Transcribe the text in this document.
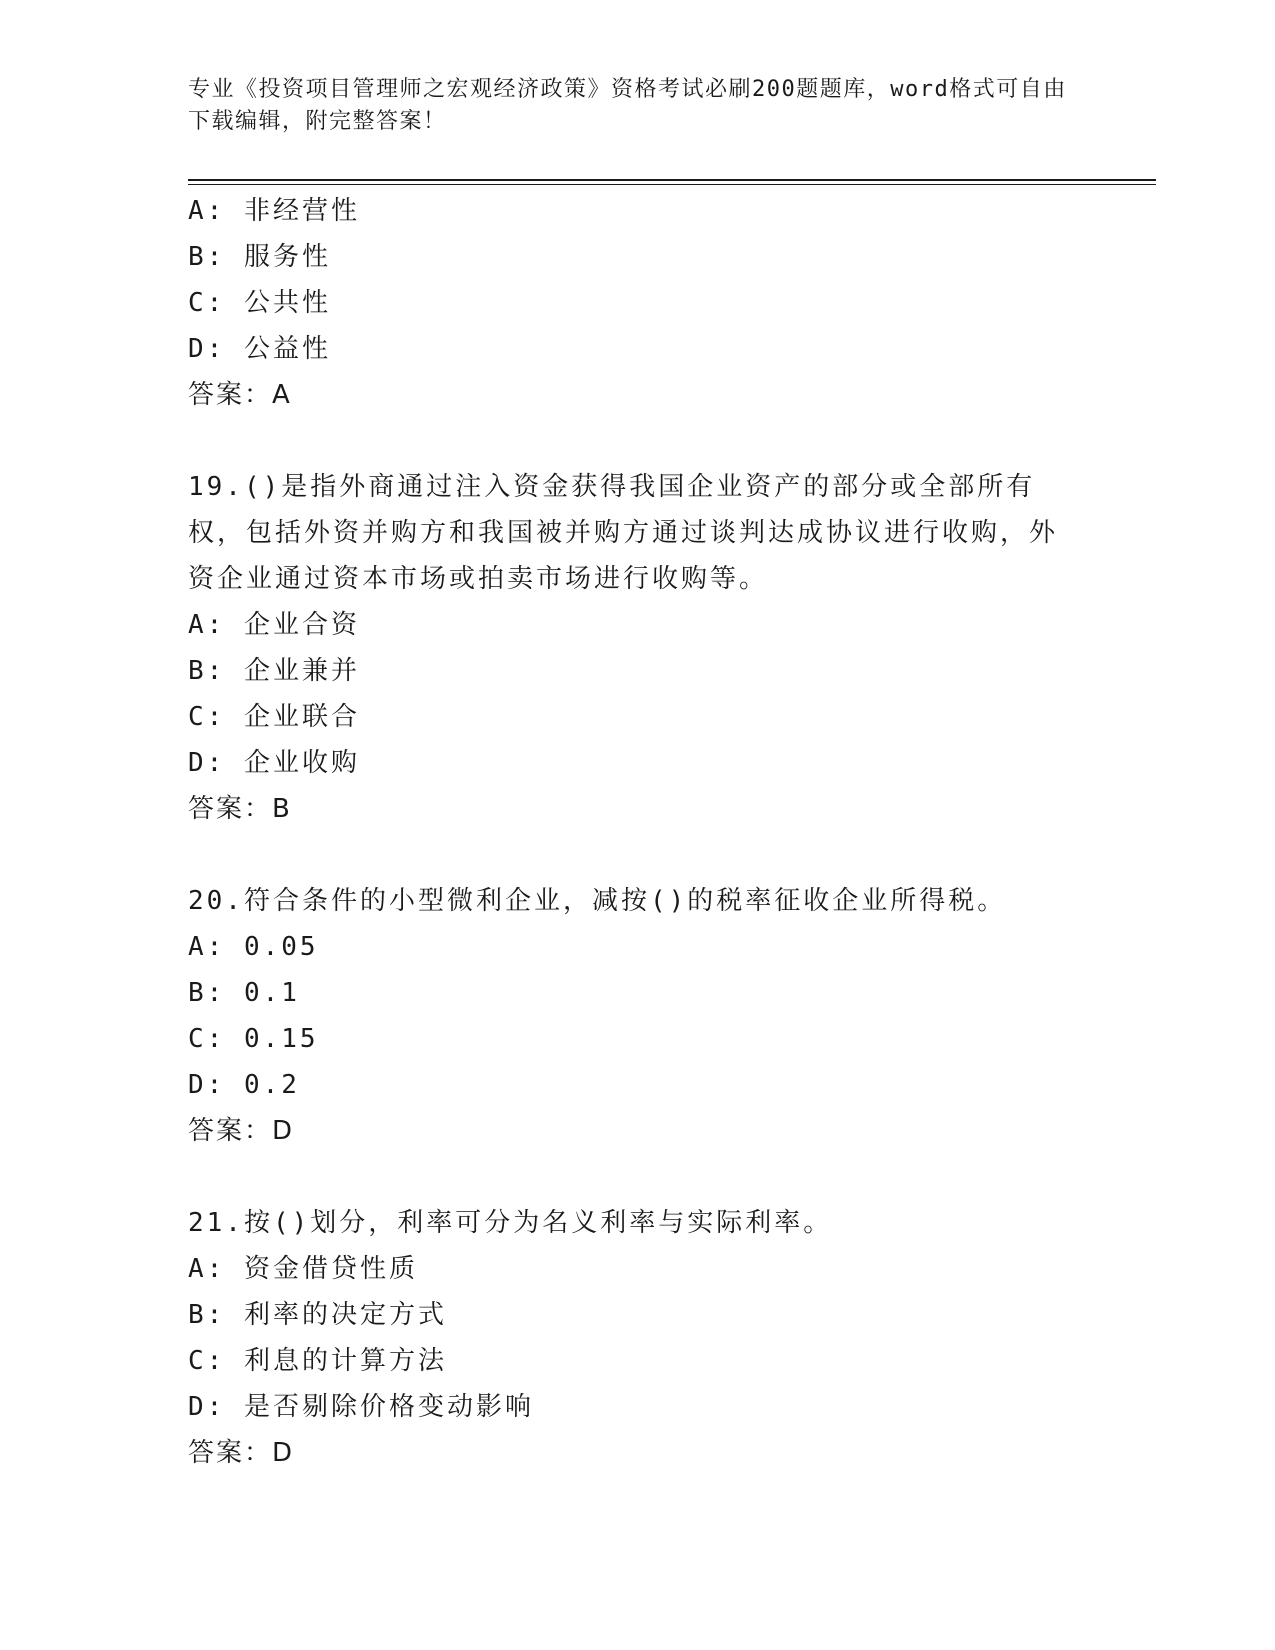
专业《投资项目管理师之宏观经济政策》资格考试必刷200题题库，word格式可自由下载编辑，附完整答案！
A: 非经营性
B: 服务性
C: 公共性
D: 公益性
答案：A
19.()是指外商通过注入资金获得我国企业资产的部分或全部所有权，包括外资并购方和我国被并购方通过谈判达成协议进行收购，外资企业通过资本市场或拍卖市场进行收购等。
A: 企业合资
B: 企业兼并
C: 企业联合
D: 企业收购
答案：B
20.符合条件的小型微利企业，减按()的税率征收企业所得税。
A: 0.05
B: 0.1
C: 0.15
D: 0.2
答案：D
21.按()划分，利率可分为名义利率与实际利率。
A: 资金借贷性质
B: 利率的决定方式
C: 利息的计算方法
D: 是否剔除价格变动影响
答案：D
